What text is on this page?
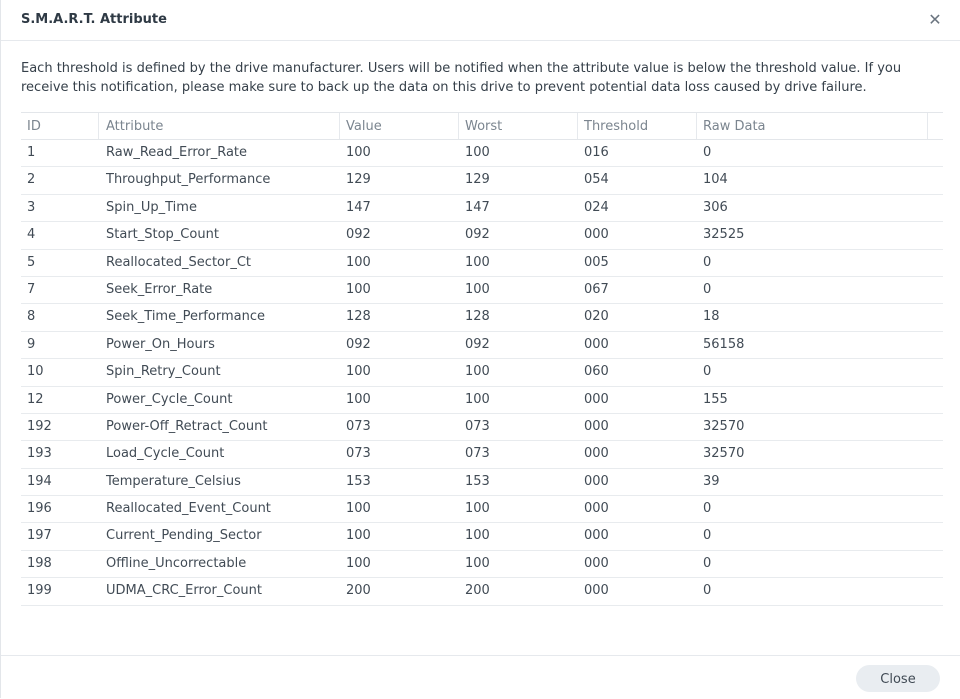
S.M.A.R.T. Attribute	✕

Each threshold is defined by the drive manufacturer. Users will be notified when the attribute value is below the threshold value. If you receive this notification, please make sure to back up the data on this drive to prevent potential data loss caused by drive failure.

ID	Attribute	Value	Worst	Threshold	Raw Data
1	Raw_Read_Error_Rate	100	100	016	0
2	Throughput_Performance	129	129	054	104
3	Spin_Up_Time	147	147	024	306
4	Start_Stop_Count	092	092	000	32525
5	Reallocated_Sector_Ct	100	100	005	0
7	Seek_Error_Rate	100	100	067	0
8	Seek_Time_Performance	128	128	020	18
9	Power_On_Hours	092	092	000	56158
10	Spin_Retry_Count	100	100	060	0
12	Power_Cycle_Count	100	100	000	155
192	Power-Off_Retract_Count	073	073	000	32570
193	Load_Cycle_Count	073	073	000	32570
194	Temperature_Celsius	153	153	000	39
196	Reallocated_Event_Count	100	100	000	0
197	Current_Pending_Sector	100	100	000	0
198	Offline_Uncorrectable	100	100	000	0
199	UDMA_CRC_Error_Count	200	200	000	0
Close
